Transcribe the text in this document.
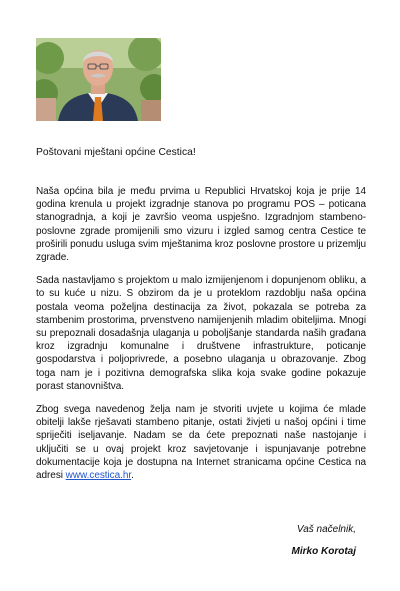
Poštovani mještani općine Cestica!

Naša općina bila je među prvima u Republici Hrvatskoj koja je prije 14 godina krenula u projekt izgradnje stanova po programu POS – poticana stanogradnja, a koji je završio veoma uspješno. Izgradnjom stambeno-poslovne zgrade promijenili smo vizuru i izgled samog centra Cestice te proširili ponudu usluga svim mještanima kroz poslovne prostore u prizemlju zgrade.

Sada nastavljamo s projektom u malo izmijenjenom i dopunjenom obliku, a to su kuće u nizu. S obzirom da je u proteklom razdoblju naša općina postala veoma poželjna destinacija za život, pokazala se potreba za stambenim prostorima, prvenstveno namijenjenih mladim obiteljima. Mnogi su prepoznali dosadašnja ulaganja u poboljšanje standarda naših građana kroz izgradnju komunalne i društvene infrastrukture, poticanje gospodarstva i poljoprivrede, a posebno ulaganja u obrazovanje. Zbog toga nam je i pozitivna demografska slika koja svake godine pokazuje porast stanovništva.

Zbog svega navedenog želja nam je stvoriti uvjete u kojima će mlade obitelji lakše rješavati stambeno pitanje, ostati živjeti u našoj općini i time spriječiti iseljavanje. Nadam se da ćete prepoznati naše nastojanje i uključiti se u ovaj projekt kroz savjetovanje i ispunjavanje potrebne dokumentacije koja je dostupna na Internet stranicama općine Cestica na adresi www.cestica.hr.

Vaš načelnik,
Mirko Korotaj
